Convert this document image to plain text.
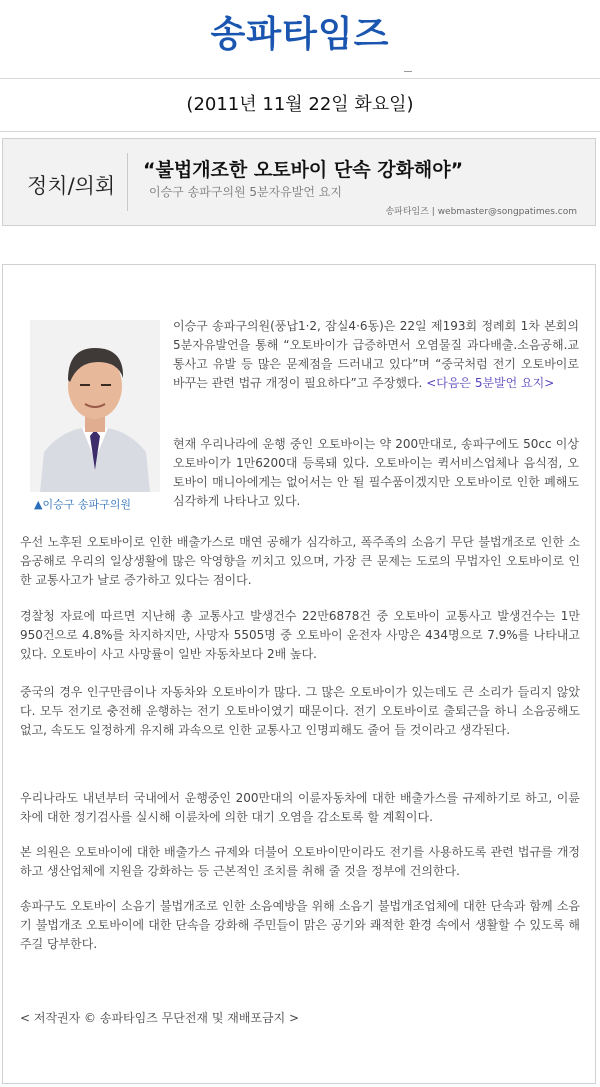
송파타임즈
(2011년 11월 22일 화요일)
정치/의회
“불법개조한 오토바이 단속 강화해야”
이승구 송파구의원 5분자유발언 요지
송파타임즈 | webmaster@songpatimes.com
▲이승구 송파구의원

이승구 송파구의원(풍납1·2, 잠실4·6동)은 22일 제193회 정례회 1차 본회의 5분자유발언을 통해 “오토바이가 급증하면서 오염물질 과다배출.소음공해.교통사고 유발 등 많은 문제점을 드러내고 있다”며 “중국처럼 전기 오토바이로 바꾸는 관련 법규 개정이 필요하다”고 주장했다. <다음은 5분발언 요지>

현재 우리나라에 운행 중인 오토바이는 약 200만대로, 송파구에도 50cc 이상 오토바이가 1만6200대 등록돼 있다. 오토바이는 퀵서비스업체나 음식점, 오토바이 매니아에게는 없어서는 안 될 필수품이겠지만 오토바이로 인한 폐해도 심각하게 나타나고 있다.

우선 노후된 오토바이로 인한 배출가스로 매연 공해가 심각하고, 폭주족의 소음기 무단 불법개조로 인한 소음공해로 우리의 일상생활에 많은 악영향을 끼치고 있으며, 가장 큰 문제는 도로의 무법자인 오토바이로 인한 교통사고가 날로 증가하고 있다는 점이다.

경찰청 자료에 따르면 지난해 총 교통사고 발생건수 22만6878건 중 오토바이 교통사고 발생건수는 1만950건으로 4.8%를 차지하지만, 사망자 5505명 중 오토바이 운전자 사망은 434명으로 7.9%를 나타내고 있다. 오토바이 사고 사망률이 일반 자동차보다 2배 높다.

중국의 경우 인구만큼이나 자동차와 오토바이가 많다. 그 많은 오토바이가 있는데도 큰 소리가 들리지 않았다. 모두 전기로 충전해 운행하는 전기 오토바이였기 때문이다. 전기 오토바이로 출퇴근을 하니 소음공해도 없고, 속도도 일정하게 유지해 과속으로 인한 교통사고 인명피해도 줄어 들 것이라고 생각된다.

우리나라도 내년부터 국내에서 운행중인 200만대의 이륜자동차에 대한 배출가스를 규제하기로 하고, 이륜차에 대한 정기검사를 실시해 이륜차에 의한 대기 오염을 감소토록 할 계획이다.

본 의원은 오토바이에 대한 배출가스 규제와 더불어 오토바이만이라도 전기를 사용하도록 관련 법규를 개정하고 생산업체에 지원을 강화하는 등 근본적인 조치를 취해 줄 것을 정부에 건의한다.

송파구도 오토바이 소음기 불법개조로 인한 소음예방을 위해 소음기 불법개조업체에 대한 단속과 함께 소음기 불법개조 오토바이에 대한 단속을 강화해 주민들이 맑은 공기와 쾌적한 환경 속에서 생활할 수 있도록 해 주길 당부한다.

< 저작권자 © 송파타임즈 무단전재 및 재배포금지 >
